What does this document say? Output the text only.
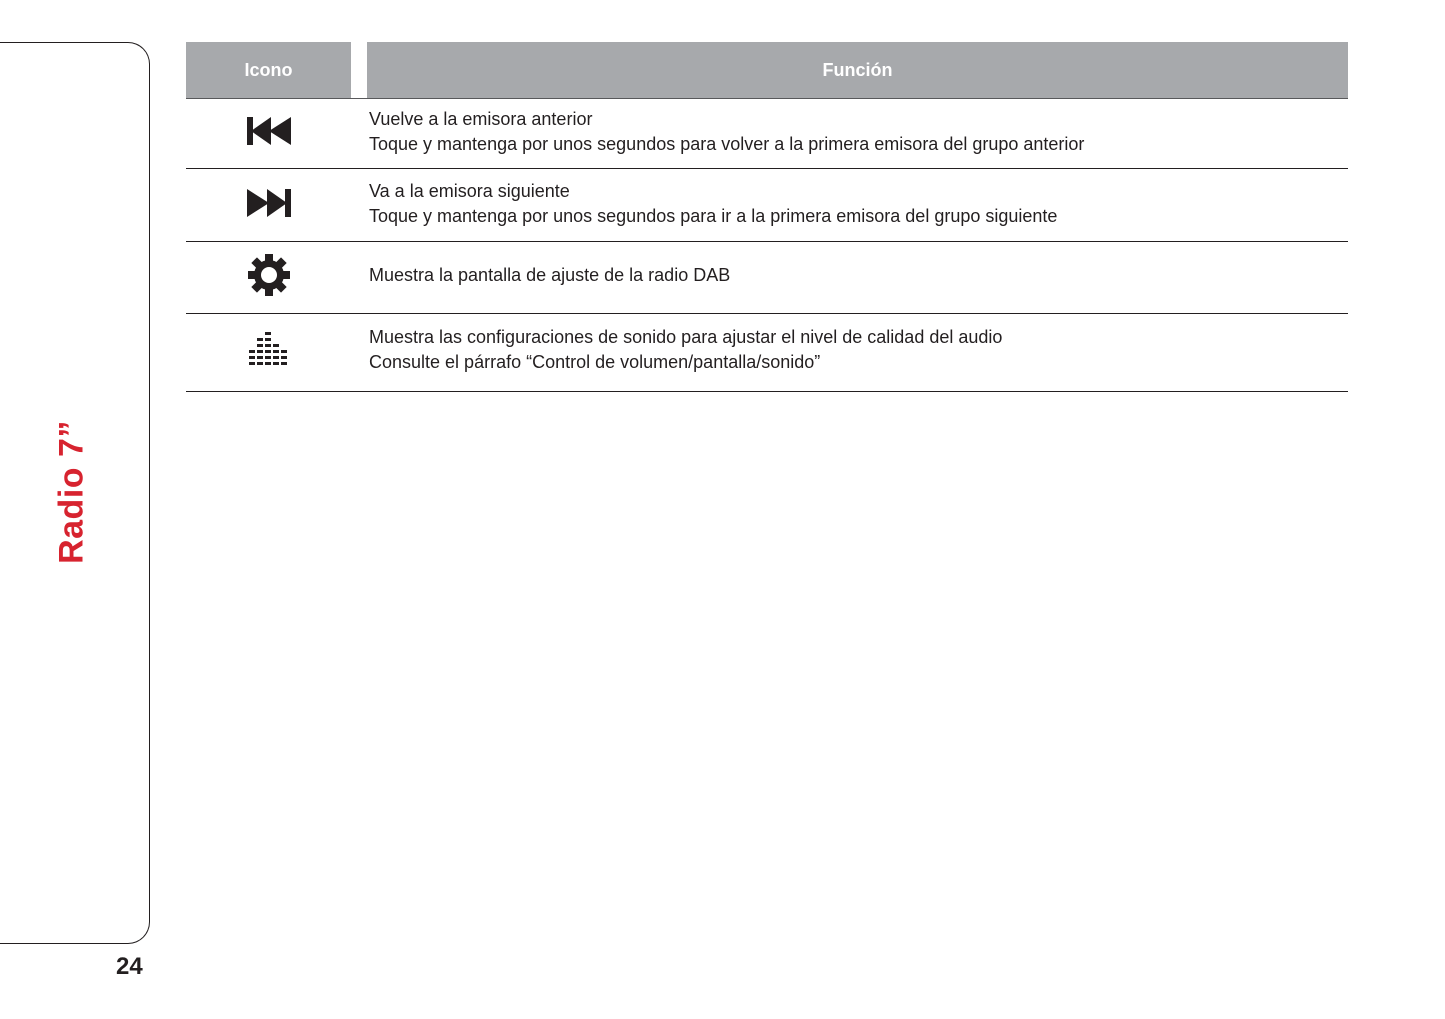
Radio 7”
24
Icono	Función
Vuelve a la emisora anterior
Toque y mantenga por unos segundos para volver a la primera emisora del grupo anterior
Va a la emisora siguiente
Toque y mantenga por unos segundos para ir a la primera emisora del grupo siguiente
Muestra la pantalla de ajuste de la radio DAB
Muestra las configuraciones de sonido para ajustar el nivel de calidad del audio
Consulte el párrafo “Control de volumen/pantalla/sonido”
